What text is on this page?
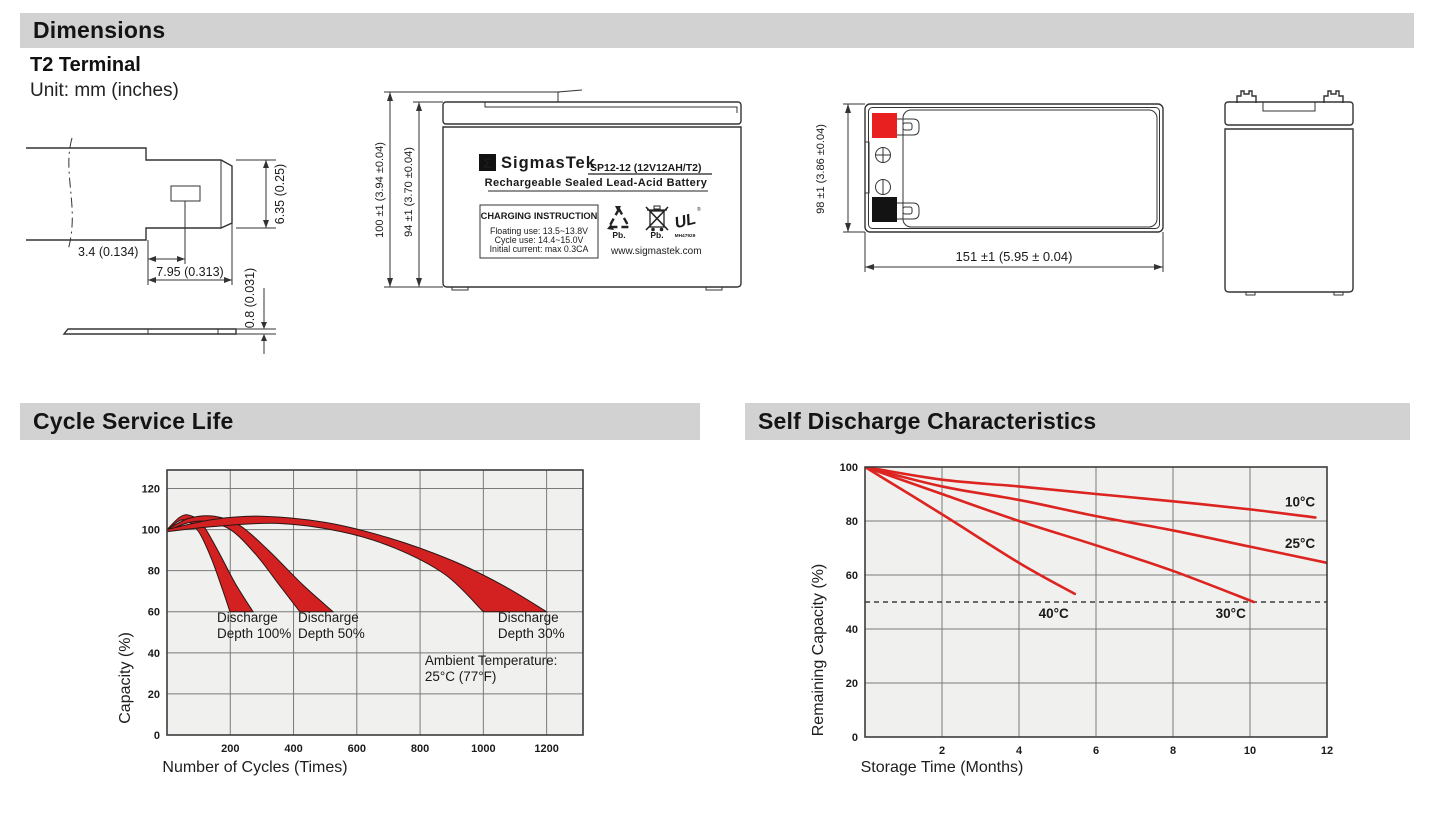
Dimensions
Cycle Service Life	Self Discharge Characteristics
T2 Terminal
Unit: mm (inches)
3.4 (0.134)
7.95 (0.313)
6.35 (0.25)
0.8 (0.031)
100 ±1 (3.94 ±0.04) 94 ±1 (3.70 ±0.04)	Σ SigmasTek
SP12-12 (12V12AH/T2)
Rechargeable Sealed Lead-Acid Battery
CHARGING INSTRUCTION
Floating use: 13.5~13.8V
Cycle use: 14.4~15.0V
Initial current: max 0.3CA
Pb.	Pb.
UL
®
MH47929
www.sigmastek.com
98 ±1 (3.86 ±0.04)
151 ±1 (5.95 ± 0.04)
Number of Cycles (Times)
Capacity (%)
0
20
40
60
80
100
120
200	400	600	800	1000	1200
Discharge
Depth 100%
Discharge
Depth 50%
Discharge
Depth 30%
Ambient Temperature:
25°C (77°F)
Storage Time (Months)
Remaining Capacity (%)
0
20
40
60
80
100
2	4	6	8	10	12
10°C
25°C
30°C
40°C
